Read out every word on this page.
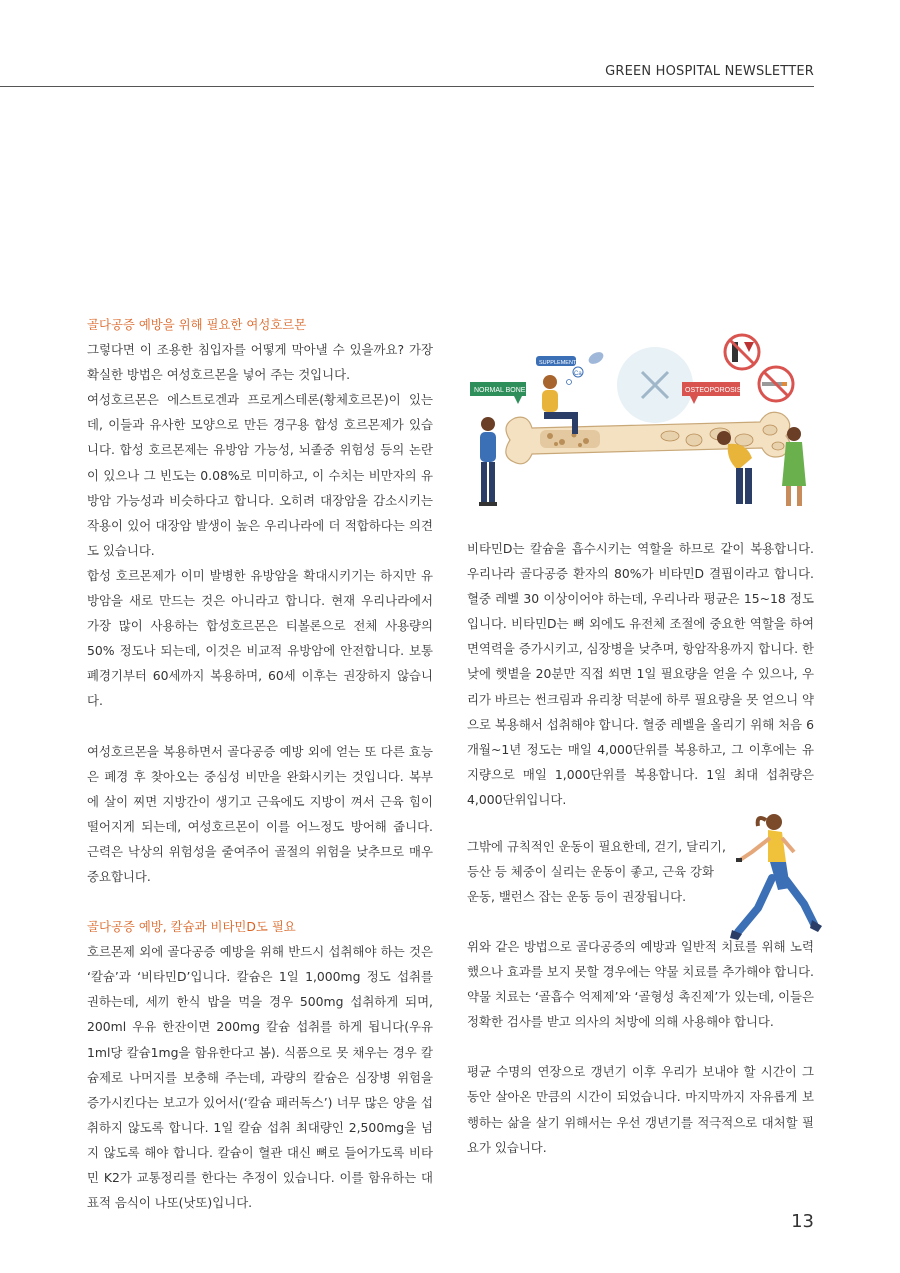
GREEN HOSPITAL NEWSLETTER
골다공증 예방을 위해 필요한 여성호르몬

그렇다면 이 조용한 침입자를 어떻게 막아낼 수 있을까요? 가장 확실한 방법은 여성호르몬을 넣어 주는 것입니다.

여성호르몬은 에스트로겐과 프로게스테론(황체호르몬)이 있는데, 이들과 유사한 모양으로 만든 경구용 합성 호르몬제가 있습니다. 합성 호르몬제는 유방암 가능성, 뇌졸중 위험성 등의 논란이 있으나 그 빈도는 0.08%로 미미하고, 이 수치는 비만자의 유방암 가능성과 비슷하다고 합니다. 오히려 대장암을 감소시키는 작용이 있어 대장암 발생이 높은 우리나라에 더 적합하다는 의견도 있습니다.

합성 호르몬제가 이미 발병한 유방암을 확대시키기는 하지만 유방암을 새로 만드는 것은 아니라고 합니다. 현재 우리나라에서 가장 많이 사용하는 합성호르몬은 티볼론으로 전체 사용량의 50% 정도나 되는데, 이것은 비교적 유방암에 안전합니다. 보통 폐경기부터 60세까지 복용하며, 60세 이후는 권장하지 않습니다.

여성호르몬을 복용하면서 골다공증 예방 외에 얻는 또 다른 효능은 폐경 후 찾아오는 중심성 비만을 완화시키는 것입니다. 복부에 살이 찌면 지방간이 생기고 근육에도 지방이 껴서 근육 힘이 떨어지게 되는데, 여성호르몬이 이를 어느정도 방어해 줍니다. 근력은 낙상의 위험성을 줄여주어 골절의 위험을 낮추므로 매우 중요합니다.

골다공증 예방, 칼슘과 비타민D도 필요

호르몬제 외에 골다공증 예방을 위해 반드시 섭취해야 하는 것은 ‘칼슘’과 ‘비타민D’입니다. 칼슘은 1일 1,000mg 정도 섭취를 권하는데, 세끼 한식 밥을 먹을 경우 500mg 섭취하게 되며, 200ml 우유 한잔이면 200mg 칼슘 섭취를 하게 됩니다(우유 1ml당 칼슘1mg을 함유한다고 봄). 식품으로 못 채우는 경우 칼슘제로 나머지를 보충해 주는데, 과량의 칼슘은 심장병 위험을 증가시킨다는 보고가 있어서(‘칼슘 패러독스’) 너무 많은 양을 섭취하지 않도록 합니다. 1일 칼슘 섭취 최대량인 2,500mg을 넘지 않도록 해야 합니다. 칼슘이 혈관 대신 뼈로 들어가도록 비타민 K2가 교통정리를 한다는 추정이 있습니다. 이를 함유하는 대표적 음식이 나또(낫또)입니다.

NORMAL BONE	OSTEOPOROSIS
SUPPLEMENTS
Ca

비타민D는 칼슘을 흡수시키는 역할을 하므로 같이 복용합니다. 우리나라 골다공증 환자의 80%가 비타민D 결핍이라고 합니다. 혈중 레벨 30 이상이어야 하는데, 우리나라 평균은 15~18 정도입니다. 비타민D는 뼈 외에도 유전체 조절에 중요한 역할을 하여 면역력을 증가시키고, 심장병을 낮추며, 항암작용까지 합니다. 한낮에 햇볕을 20분만 직접 쐬면 1일 필요량을 얻을 수 있으나, 우리가 바르는 썬크림과 유리창 덕분에 하루 필요량을 못 얻으니 약으로 복용해서 섭취해야 합니다. 혈중 레벨을 올리기 위해 처음 6개월~1년 정도는 매일 4,000단위를 복용하고, 그 이후에는 유지량으로 매일 1,000단위를 복용합니다. 1일 최대 섭취량은 4,000단위입니다.

그밖에 규칙적인 운동이 필요한데, 걷기, 달리기, 등산 등 체중이 실리는 운동이 좋고, 근육 강화 운동, 밸런스 잡는 운동 등이 권장됩니다.

위와 같은 방법으로 골다공증의 예방과 일반적 치료를 위해 노력했으나 효과를 보지 못할 경우에는 약물 치료를 추가해야 합니다. 약물 치료는 ‘골흡수 억제제’와 ‘골형성 촉진제’가 있는데, 이들은 정확한 검사를 받고 의사의 처방에 의해 사용해야 합니다.

평균 수명의 연장으로 갱년기 이후 우리가 보내야 할 시간이 그 동안 살아온 만큼의 시간이 되었습니다. 마지막까지 자유롭게 보행하는 삶을 살기 위해서는 우선 갱년기를 적극적으로 대처할 필요가 있습니다.

13
